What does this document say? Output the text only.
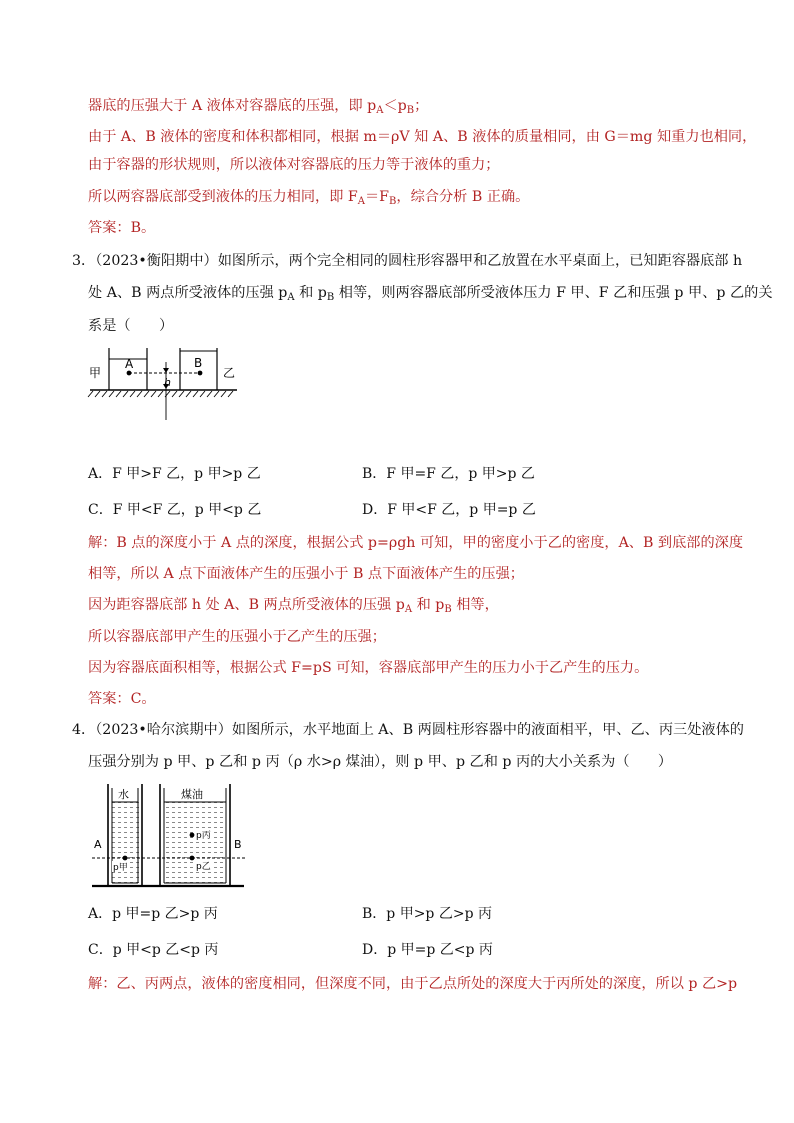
器底的压强大于 A 液体对容器底的压强，即 $p_A<p_B$；
由于 A、B 液体的密度和体积都相同，根据 m＝ρV 知 A、B 液体的质量相同，由 G＝mg 知重力也相同，
由于容器的形状规则，所以液体对容器底的压力等于液体的重力；
所以两容器底部受到液体的压力相同，即 $F_A=F_B$，综合分析 B 正确。
答案：B。
3．（2023•衡阳期中）如图所示，两个完全相同的圆柱形容器甲和乙放置在水平桌面上，已知距容器底部 h
处 A、B 两点所受液体的压强 $p_A$ 和 $p_B$ 相等，则两容器底部所受液体压力 F 甲、F 乙和压强 p 甲、p 乙的关
系是（　　）
甲	乙
A	B
h
A．F 甲>F 乙，p 甲>p 乙	B．F 甲=F 乙，p 甲>p 乙
C．F 甲<F 乙，p 甲<p 乙	D．F 甲<F 乙，p 甲=p 乙
解：B 点的深度小于 A 点的深度，根据公式 p=ρgh 可知，甲的密度小于乙的密度，A、B 到底部的深度
相等，所以 A 点下面液体产生的压强小于 B 点下面液体产生的压强；
因为距容器底部 h 处 A、B 两点所受液体的压强 $p_A$ 和 $p_B$ 相等，
所以容器底部甲产生的压强小于乙产生的压强；
因为容器底面积相等，根据公式 F=pS 可知，容器底部甲产生的压力小于乙产生的压力。
答案：C。
4．（2023•哈尔滨期中）如图所示，水平地面上 A、B 两圆柱形容器中的液面相平，甲、乙、丙三处液体的
压强分别为 p 甲、p 乙和 p 丙（ρ 水>ρ 煤油），则 p 甲、p 乙和 p 丙的大小关系为（　　）
水	煤油
A	B
p甲
p丙
p乙
A．p 甲=p 乙>p 丙	B．p 甲>p 乙>p 丙
C．p 甲<p 乙<p 丙	D．p 甲=p 乙<p 丙
解：乙、丙两点，液体的密度相同，但深度不同，由于乙点所处的深度大于丙所处的深度，所以 p 乙>p
